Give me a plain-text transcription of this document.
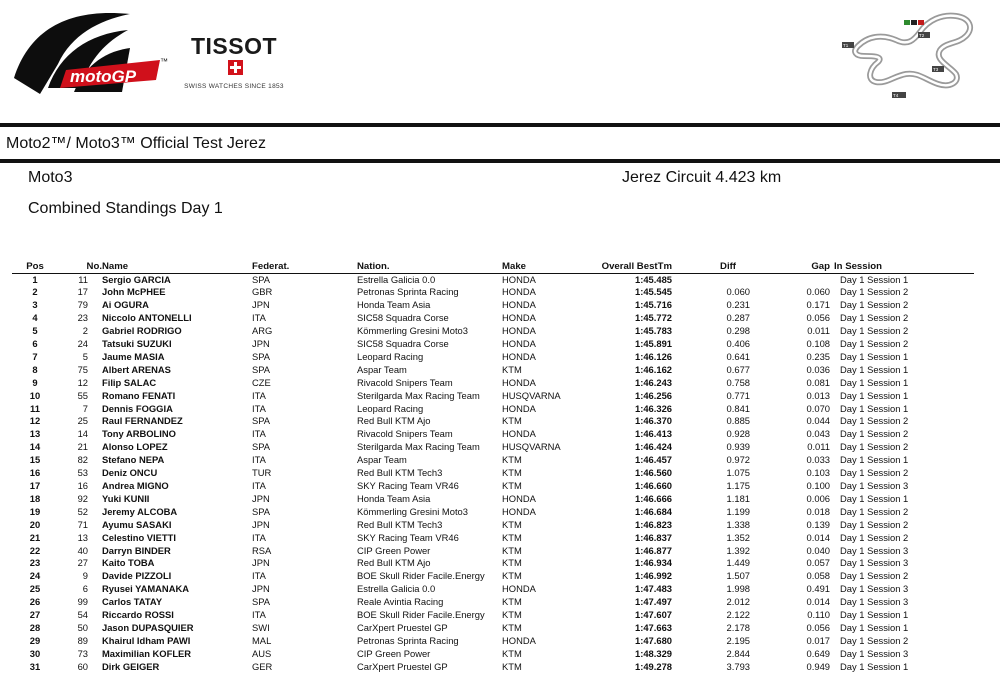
motoGP
™
TISSOT
SWISS WATCHES SINCE 1853
T1
T2
T3
T4
Moto2™/ Moto3™ Official Test Jerez
Moto3	Jerez Circuit 4.423 km
Combined Standings Day 1
Pos	No.	Name	Federat.	Nation.	Make	Overall BestTm	Diff	Gap	In Session
1	11	Sergio GARCIA	SPA	Estrella Galicia 0.0	HONDA	1:45.485			Day 1 Session 1
2	17	John McPHEE	GBR	Petronas Sprinta Racing	HONDA	1:45.545	0.060	0.060	Day 1 Session 2
3	79	Ai OGURA	JPN	Honda Team Asia	HONDA	1:45.716	0.231	0.171	Day 1 Session 2
4	23	Niccolo ANTONELLI	ITA	SIC58 Squadra Corse	HONDA	1:45.772	0.287	0.056	Day 1 Session 2
5	2	Gabriel RODRIGO	ARG	Kömmerling Gresini Moto3	HONDA	1:45.783	0.298	0.011	Day 1 Session 2
6	24	Tatsuki SUZUKI	JPN	SIC58 Squadra Corse	HONDA	1:45.891	0.406	0.108	Day 1 Session 2
7	5	Jaume MASIA	SPA	Leopard Racing	HONDA	1:46.126	0.641	0.235	Day 1 Session 1
8	75	Albert ARENAS	SPA	Aspar Team	KTM	1:46.162	0.677	0.036	Day 1 Session 1
9	12	Filip SALAC	CZE	Rivacold Snipers Team	HONDA	1:46.243	0.758	0.081	Day 1 Session 1
10	55	Romano FENATI	ITA	Sterilgarda Max Racing Team	HUSQVARNA	1:46.256	0.771	0.013	Day 1 Session 1
11	7	Dennis FOGGIA	ITA	Leopard Racing	HONDA	1:46.326	0.841	0.070	Day 1 Session 1
12	25	Raul FERNANDEZ	SPA	Red Bull KTM Ajo	KTM	1:46.370	0.885	0.044	Day 1 Session 2
13	14	Tony ARBOLINO	ITA	Rivacold Snipers Team	HONDA	1:46.413	0.928	0.043	Day 1 Session 2
14	21	Alonso LOPEZ	SPA	Sterilgarda Max Racing Team	HUSQVARNA	1:46.424	0.939	0.011	Day 1 Session 2
15	82	Stefano NEPA	ITA	Aspar Team	KTM	1:46.457	0.972	0.033	Day 1 Session 1
16	53	Deniz ONCU	TUR	Red Bull KTM Tech3	KTM	1:46.560	1.075	0.103	Day 1 Session 2
17	16	Andrea MIGNO	ITA	SKY Racing Team VR46	KTM	1:46.660	1.175	0.100	Day 1 Session 3
18	92	Yuki KUNII	JPN	Honda Team Asia	HONDA	1:46.666	1.181	0.006	Day 1 Session 1
19	52	Jeremy ALCOBA	SPA	Kömmerling Gresini Moto3	HONDA	1:46.684	1.199	0.018	Day 1 Session 2
20	71	Ayumu SASAKI	JPN	Red Bull KTM Tech3	KTM	1:46.823	1.338	0.139	Day 1 Session 2
21	13	Celestino VIETTI	ITA	SKY Racing Team VR46	KTM	1:46.837	1.352	0.014	Day 1 Session 2
22	40	Darryn BINDER	RSA	CIP Green Power	KTM	1:46.877	1.392	0.040	Day 1 Session 3
23	27	Kaito TOBA	JPN	Red Bull KTM Ajo	KTM	1:46.934	1.449	0.057	Day 1 Session 3
24	9	Davide PIZZOLI	ITA	BOE Skull Rider Facile.Energy	KTM	1:46.992	1.507	0.058	Day 1 Session 2
25	6	Ryusei YAMANAKA	JPN	Estrella Galicia 0.0	HONDA	1:47.483	1.998	0.491	Day 1 Session 3
26	99	Carlos TATAY	SPA	Reale Avintia Racing	KTM	1:47.497	2.012	0.014	Day 1 Session 3
27	54	Riccardo ROSSI	ITA	BOE Skull Rider Facile.Energy	KTM	1:47.607	2.122	0.110	Day 1 Session 1
28	50	Jason DUPASQUIER	SWI	CarXpert Pruestel GP	KTM	1:47.663	2.178	0.056	Day 1 Session 1
29	89	Khairul Idham PAWI	MAL	Petronas Sprinta Racing	HONDA	1:47.680	2.195	0.017	Day 1 Session 2
30	73	Maximilian KOFLER	AUS	CIP Green Power	KTM	1:48.329	2.844	0.649	Day 1 Session 3
31	60	Dirk GEIGER	GER	CarXpert Pruestel GP	KTM	1:49.278	3.793	0.949	Day 1 Session 1
